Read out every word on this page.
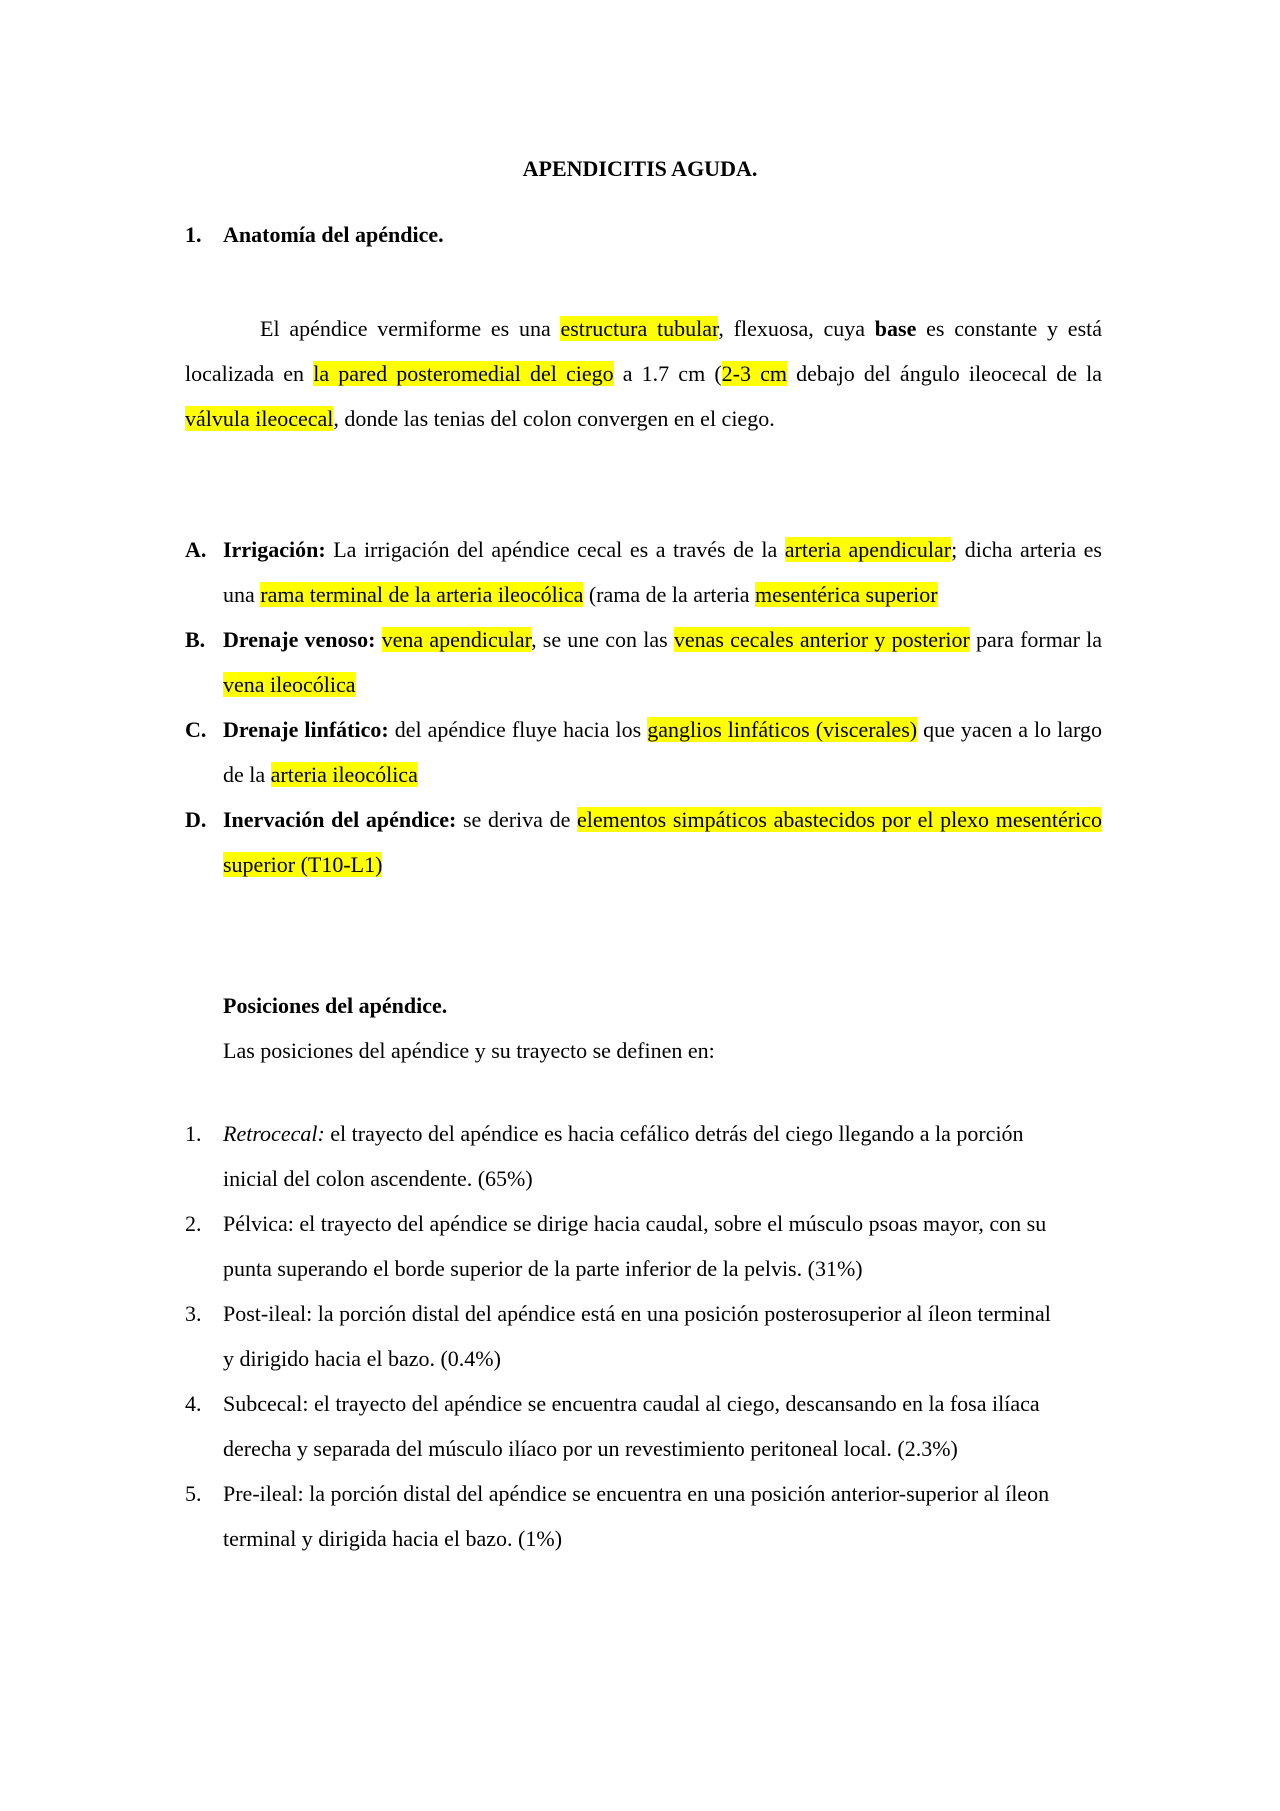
APENDICITIS AGUDA.
1. Anatomía del apéndice.

El apéndice vermiforme es una estructura tubular, flexuosa, cuya base es constante y está localizada en la pared posteromedial del ciego a 1.7 cm (2-3 cm debajo del ángulo ileocecal de la válvula ileocecal, donde las tenias del colon convergen en el ciego.

A. Irrigación: La irrigación del apéndice cecal es a través de la arteria apendicular; dicha arteria es una rama terminal de la arteria ileocólica (rama de la arteria mesentérica superior
B. Drenaje venoso: vena apendicular, se une con las venas cecales anterior y posterior para formar la vena ileocólica
C. Drenaje linfático: del apéndice fluye hacia los ganglios linfáticos (viscerales) que yacen a lo largo de la arteria ileocólica
D. Inervación del apéndice: se deriva de elementos simpáticos abastecidos por el plexo mesentérico superior (T10-L1)
Posiciones del apéndice.
Las posiciones del apéndice y su trayecto se definen en:
1. Retrocecal: el trayecto del apéndice es hacia cefálico detrás del ciego llegando a la porción inicial del colon ascendente. (65%)
2. Pélvica: el trayecto del apéndice se dirige hacia caudal, sobre el músculo psoas mayor, con su punta superando el borde superior de la parte inferior de la pelvis. (31%)
3. Post-ileal: la porción distal del apéndice está en una posición posterosuperior al íleon terminal y dirigido hacia el bazo. (0.4%)
4. Subcecal: el trayecto del apéndice se encuentra caudal al ciego, descansando en la fosa ilíaca derecha y separada del músculo ilíaco por un revestimiento peritoneal local. (2.3%)
5. Pre-ileal: la porción distal del apéndice se encuentra en una posición anterior-superior al íleon terminal y dirigida hacia el bazo. (1%)
